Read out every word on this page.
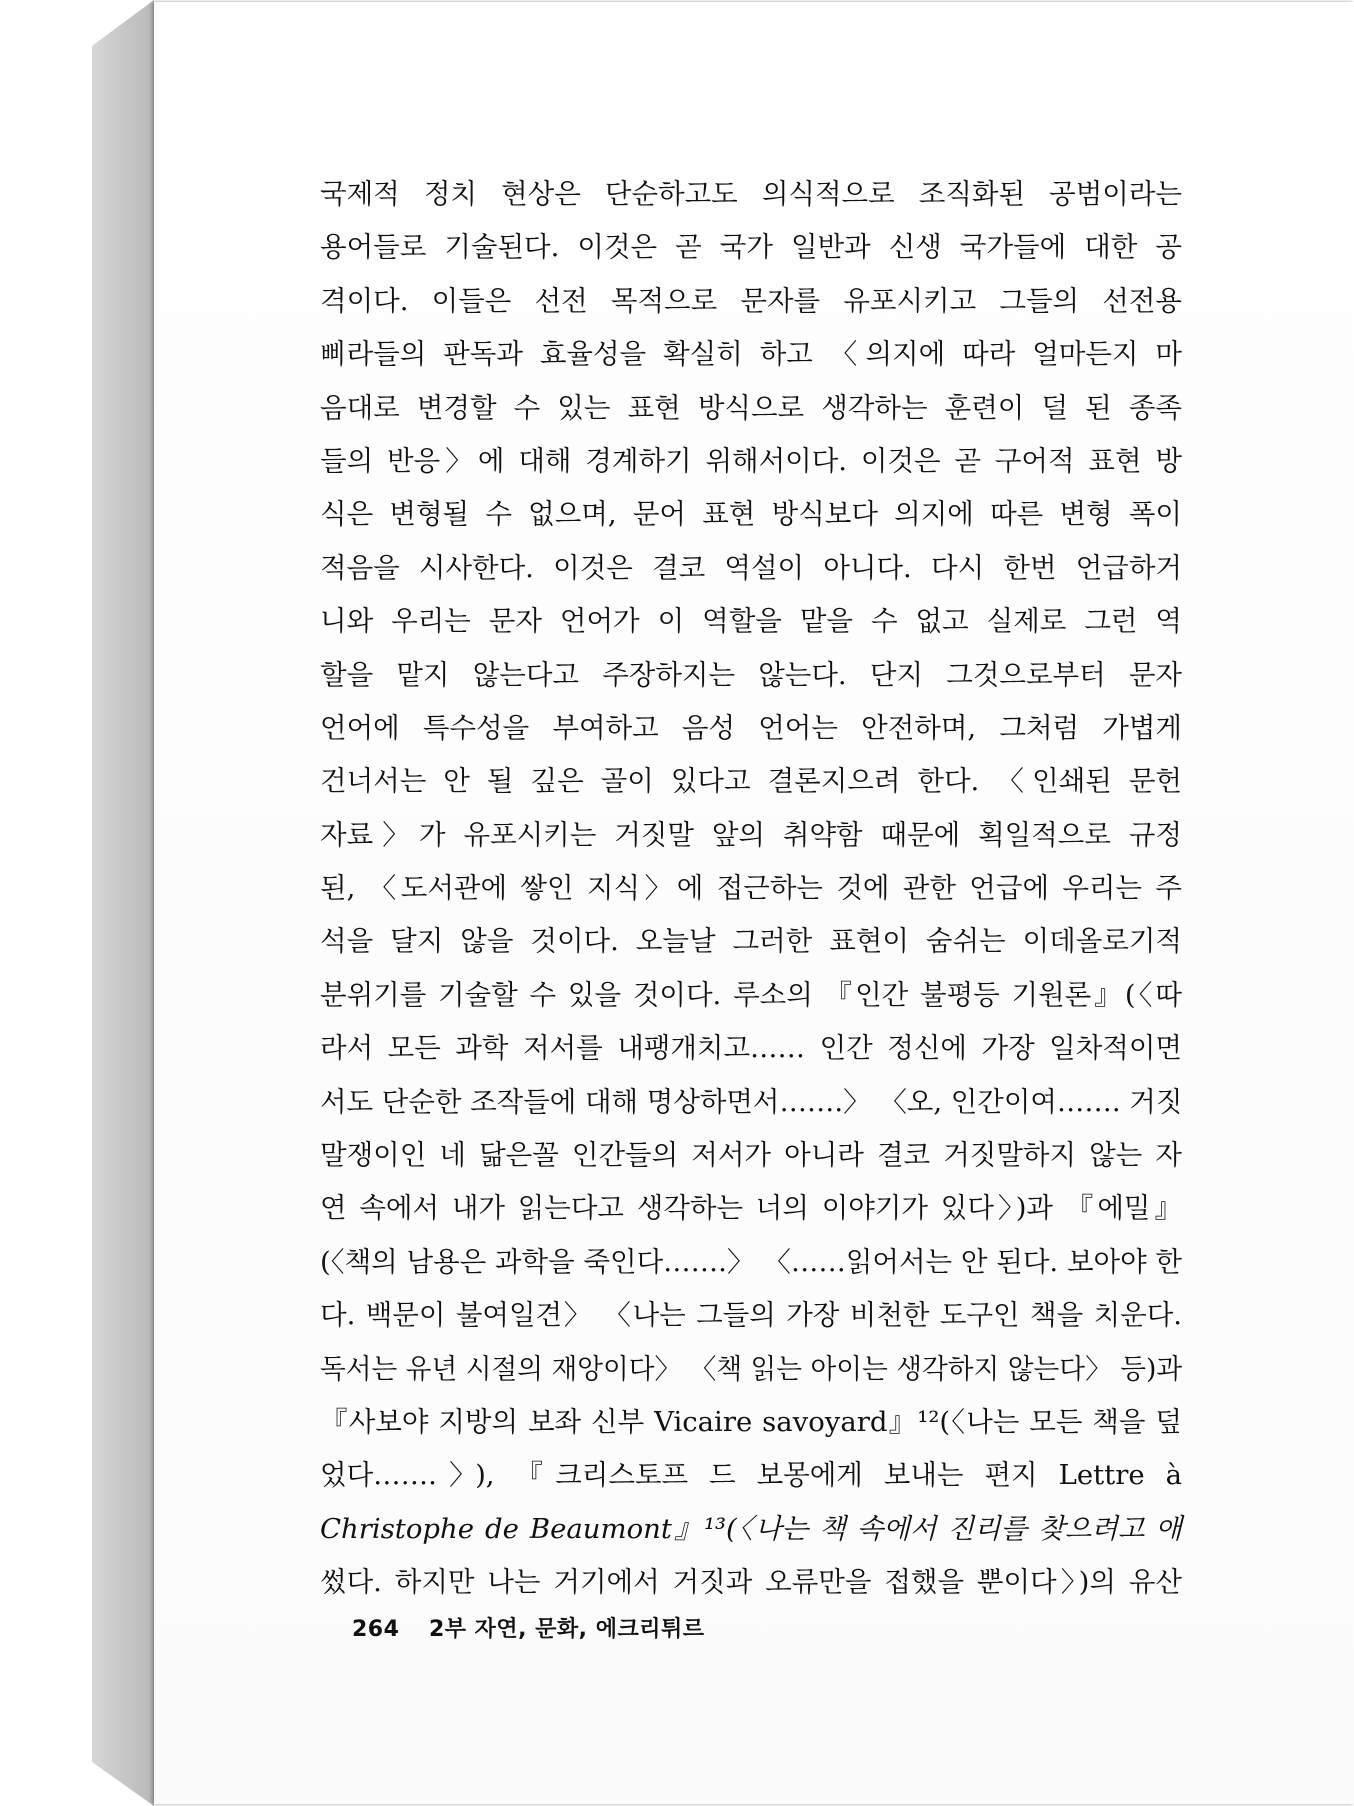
국제적 정치 현상은 단순하고도 의식적으로 조직화된 공범이라는
용어들로 기술된다. 이것은 곧 국가 일반과 신생 국가들에 대한 공
격이다. 이들은 선전 목적으로 문자를 유포시키고 그들의 선전용
삐라들의 판독과 효율성을 확실히 하고 〈의지에 따라 얼마든지 마
음대로 변경할 수 있는 표현 방식으로 생각하는 훈련이 덜 된 종족
들의 반응〉에 대해 경계하기 위해서이다. 이것은 곧 구어적 표현 방
식은 변형될 수 없으며, 문어 표현 방식보다 의지에 따른 변형 폭이
적음을 시사한다. 이것은 결코 역설이 아니다. 다시 한번 언급하거
니와 우리는 문자 언어가 이 역할을 맡을 수 없고 실제로 그런 역
할을 맡지 않는다고 주장하지는 않는다. 단지 그것으로부터 문자
언어에 특수성을 부여하고 음성 언어는 안전하며, 그처럼 가볍게
건너서는 안 될 깊은 골이 있다고 결론지으려 한다. 〈인쇄된 문헌
자료〉가 유포시키는 거짓말 앞의 취약함 때문에 획일적으로 규정
된, 〈도서관에 쌓인 지식〉에 접근하는 것에 관한 언급에 우리는 주
석을 달지 않을 것이다. 오늘날 그러한 표현이 숨쉬는 이데올로기적
분위기를 기술할 수 있을 것이다. 루소의 『인간 불평등 기원론』(〈따
라서 모든 과학 저서를 내팽개치고…… 인간 정신에 가장 일차적이면
서도 단순한 조작들에 대해 명상하면서…….〉 〈오, 인간이여……. 거짓
말쟁이인 네 닮은꼴 인간들의 저서가 아니라 결코 거짓말하지 않는 자
연 속에서 내가 읽는다고 생각하는 너의 이야기가 있다〉)과 『에밀』
(〈책의 남용은 과학을 죽인다…….〉 〈……읽어서는 안 된다. 보아야 한
다. 백문이 불여일견〉 〈나는 그들의 가장 비천한 도구인 책을 치운다.
독서는 유년 시절의 재앙이다〉 〈책 읽는 아이는 생각하지 않는다〉 등)과
『사보야 지방의 보좌 신부 Vicaire savoyard』¹²(〈나는 모든 책을 덮
었다…….〉), 『크리스토프 드 보몽에게 보내는 편지 Lettre à
Christophe de Beaumont』¹³(〈나는 책 속에서 진리를 찾으려고 애
썼다. 하지만 나는 거기에서 거짓과 오류만을 접했을 뿐이다〉)의 유산
264 2부 자연, 문화, 에크리튀르
